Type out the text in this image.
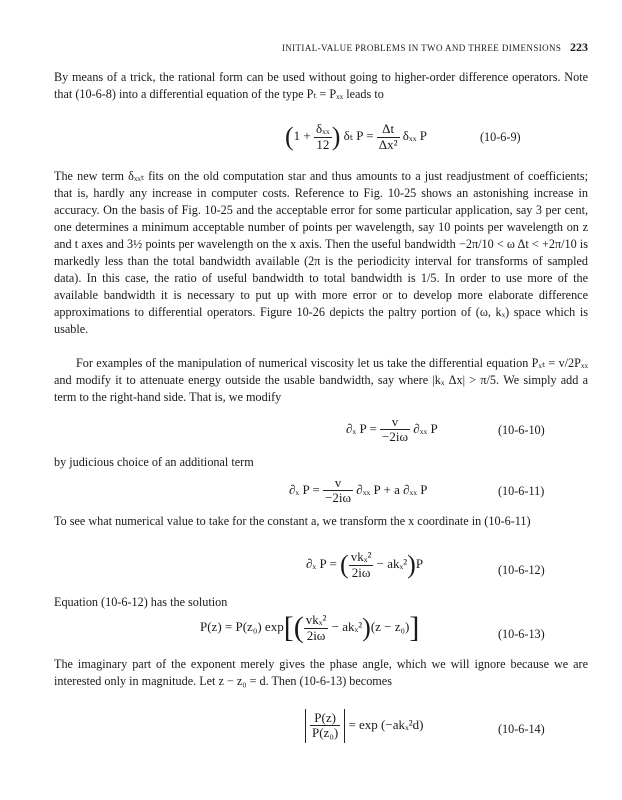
INITIAL-VALUE PROBLEMS IN TWO AND THREE DIMENSIONS 223
By means of a trick, the rational form can be used without going to higher-order difference operators. Note that (10-6-8) into a differential equation of the type Pₜ = Pₓₓ leads to
($1 + \frac{\text{δₓₓ}}{12}$ ) δₜ $P = \frac{\Delta t}{\text{Δx²}}$ δₓₓ P	(10-6-9)
The new term δₓₓₜ fits on the old computation star and thus amounts to a just readjustment of coefficients; that is, hardly any increase in computer costs. Reference to Fig. 10-25 shows an astonishing increase in accuracy. On the basis of Fig. 10-25 and the acceptable error for some particular application, say 3 per cent, one determines a minimum acceptable number of points per wavelength, say 10 points per wavelength on z and t axes and 3½ points per wavelength on the x axis. Then the useful bandwidth −2π/10 < ω Δt < +2π/10 is markedly less than the total bandwidth available (2π is the periodicity interval for transforms of sampled data). In this case, the ratio of useful bandwidth to total bandwidth is 1/5. In order to use more of the available bandwidth it is necessary to put up with more error or to develop more elaborate difference approximations to differential operators. Figure 10-26 depicts the paltry portion of (ω, kₓ) space which is usable.
For examples of the manipulation of numerical viscosity let us take the differential equation Pₓₜ = v/2Pₓₓ and modify it to attenuate energy outside the usable bandwidth, say where |kₓ Δx| > π/5. We simply add a term to the right-hand side. That is, we modify
∂ₓ $P = \frac{v}{-2i\omega} \partial_{xx}$ P	(10-6-10)
by judicious choice of an additional term
∂ₓ $P = \frac{v}{-2i\omega} \partial_{xx}$ P + a ∂ₓₓ P	(10-6-11)
To see what numerical value to take for the constant a, we transform the x coordinate in (10-6-11)
∂ₓ P = ( $\frac{\text{vkₓ²}}{2i\omega} - ak_x^2)P$	(10-6-12)
Equation (10-6-12) has the solution
P(z) = P(z₀) $\exp[( \frac{\text{vkₓ²}}{2i\omega} - ak_x^2)(z - z_0)]$	(10-6-13)
The imaginary part of the exponent merely gives the phase angle, which we will ignore because we are interested only in magnitude. Let z − z₀ = d. Then (10-6-13) becomes
$\frac{P(z)}{\text{P(z₀)}} = \exp (-ak_x^2d)$	(10-6-14)
